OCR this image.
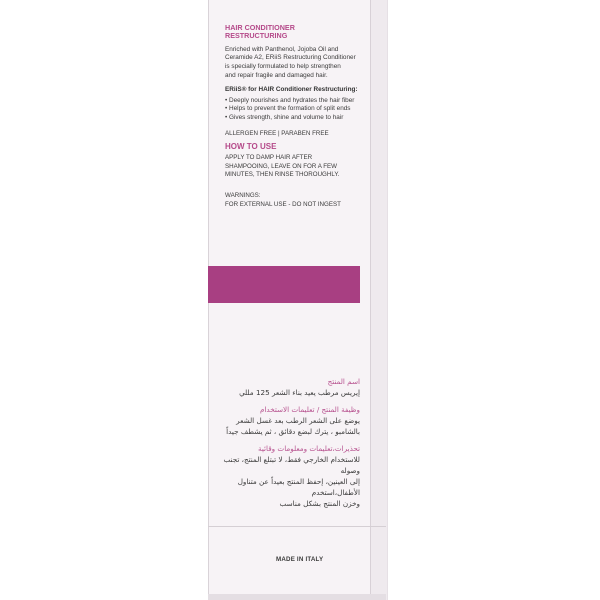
HAIR CONDITIONER

RESTRUCTURING

Enriched with Panthenol, Jojoba Oil and

Ceramide A2, ERiiS Restructuring Conditioner

is specially formulated to help strengthen

and repair fragile and damaged hair.

ERiiS® for HAIR Conditioner Restructuring:

• Deeply nourishes and hydrates the hair fiber
• Helps to prevent the formation of split ends
• Gives strength, shine and volume to hair

ALLERGEN FREE | PARABEN FREE

HOW TO USE

APPLY TO DAMP HAIR AFTER

SHAMPOOING, LEAVE ON FOR A FEW

MINUTES, THEN RINSE THOROUGHLY.

WARNINGS:

FOR EXTERNAL USE - DO NOT INGEST

اسم المنتج

إيريس مرطب يعيد بناء الشعر 125 مللي

وظيفة المنتج / تعليمات الاستخدام

يوضع على الشعر الرطب بعد غسل الشعر

بالشامبو ، يترك لبضع دقائق ، ثم يشطف جيداً

تحذيرات،تعليمات ومعلومات وقائية

للاستخدام الخارجي فقط، لا تبتلع المنتج، تجنب وصوله

إلى العينين، إحفظ المنتج بعيداً عن متناول الأطفال،استخدم

وخزن المنتج بشكل مناسب

MADE IN ITALY
